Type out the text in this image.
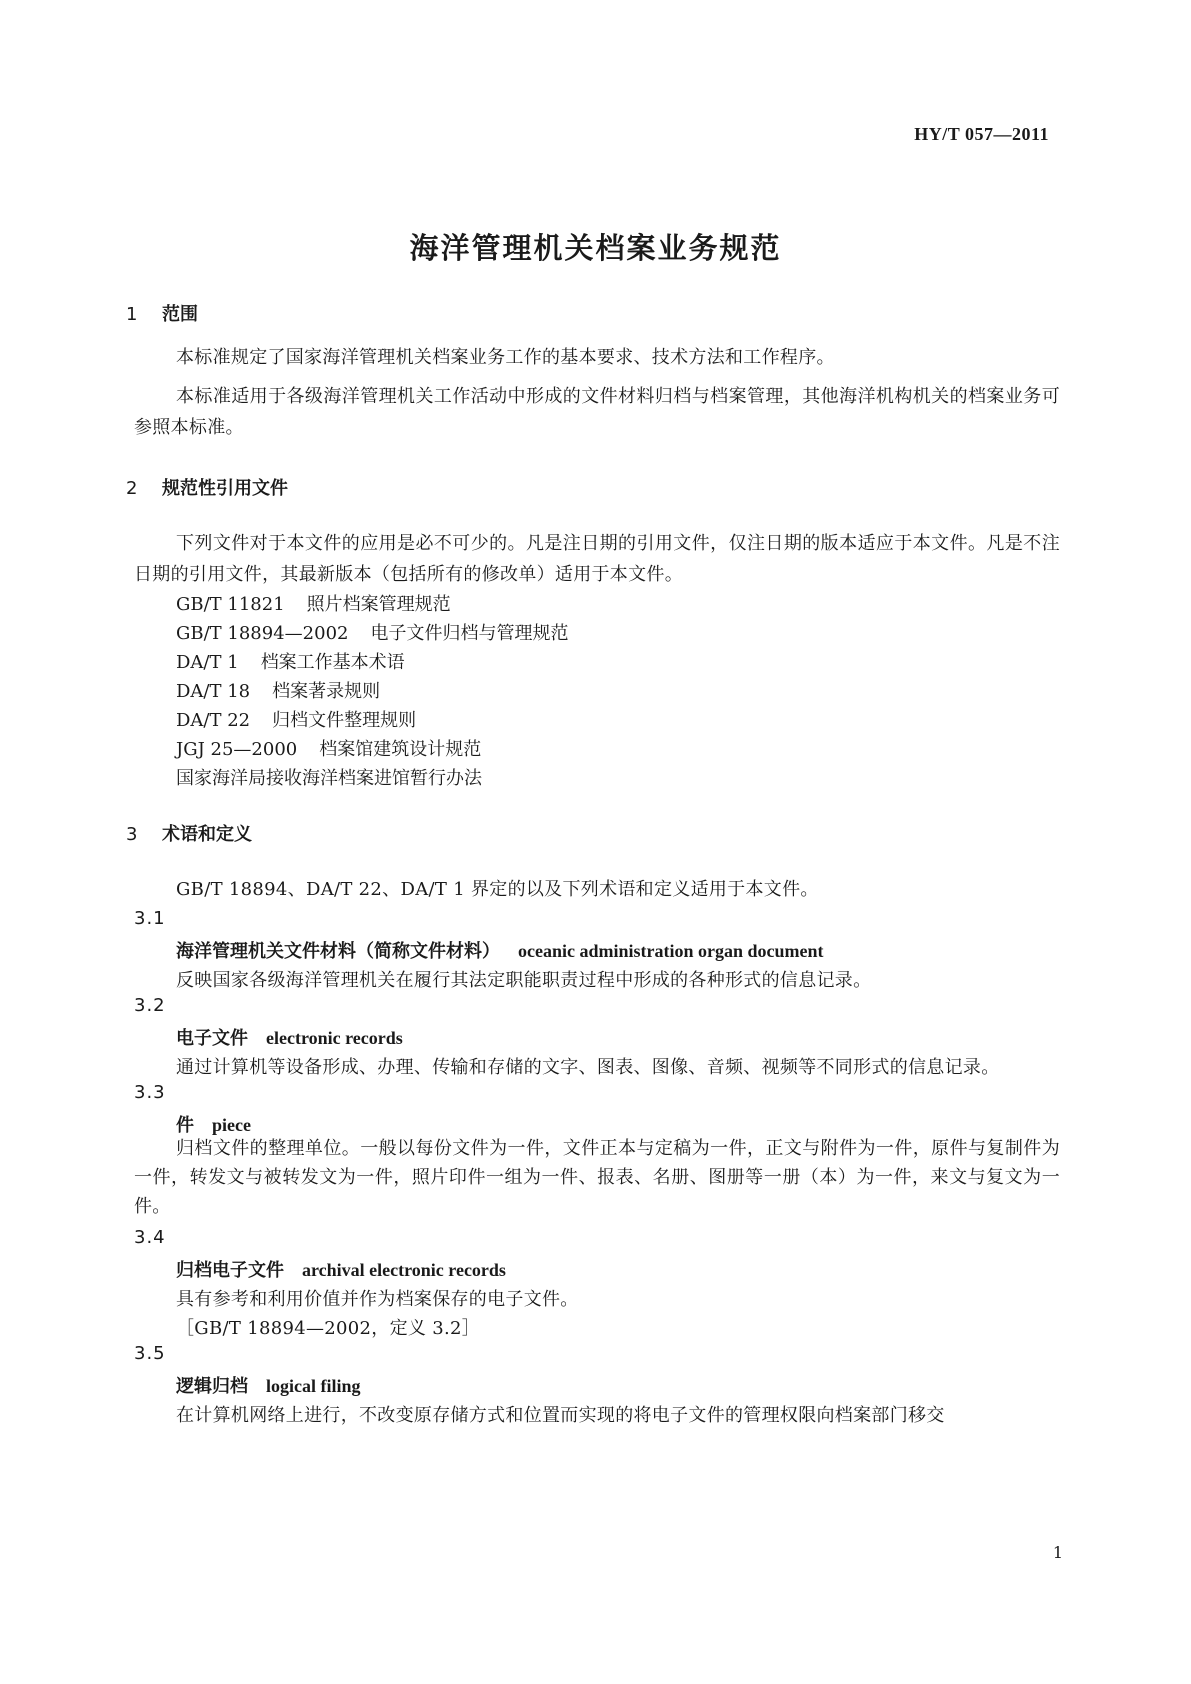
HY/T 057—2011
海洋管理机关档案业务规范
1 范围
本标准规定了国家海洋管理机关档案业务工作的基本要求、技术方法和工作程序。
本标准适用于各级海洋管理机关工作活动中形成的文件材料归档与档案管理，其他海洋机构机关的档案业务可参照本标准。
2 规范性引用文件
下列文件对于本文件的应用是必不可少的。凡是注日期的引用文件，仅注日期的版本适应于本文件。凡是不注日期的引用文件，其最新版本（包括所有的修改单）适用于本文件。
GB/T 11821 照片档案管理规范
GB/T 18894—2002 电子文件归档与管理规范
DA/T 1 档案工作基本术语
DA/T 18 档案著录规则
DA/T 22 归档文件整理规则
JGJ 25—2000 档案馆建筑设计规范
国家海洋局接收海洋档案进馆暂行办法
3 术语和定义
GB/T 18894、DA/T 22、DA/T 1 界定的以及下列术语和定义适用于本文件。
3.1
海洋管理机关文件材料（简称文件材料） oceanic administration organ document
反映国家各级海洋管理机关在履行其法定职能职责过程中形成的各种形式的信息记录。
3.2
电子文件 electronic records
通过计算机等设备形成、办理、传输和存储的文字、图表、图像、音频、视频等不同形式的信息记录。
3.3
件 piece
归档文件的整理单位。一般以每份文件为一件，文件正本与定稿为一件，正文与附件为一件，原件与复制件为一件，转发文与被转发文为一件，照片印件一组为一件、报表、名册、图册等一册（本）为一件，来文与复文为一件。
3.4
归档电子文件 archival electronic records
具有参考和利用价值并作为档案保存的电子文件。
［GB/T 18894—2002，定义 3.2］
3.5
逻辑归档 logical filing
在计算机网络上进行，不改变原存储方式和位置而实现的将电子文件的管理权限向档案部门移交
1
